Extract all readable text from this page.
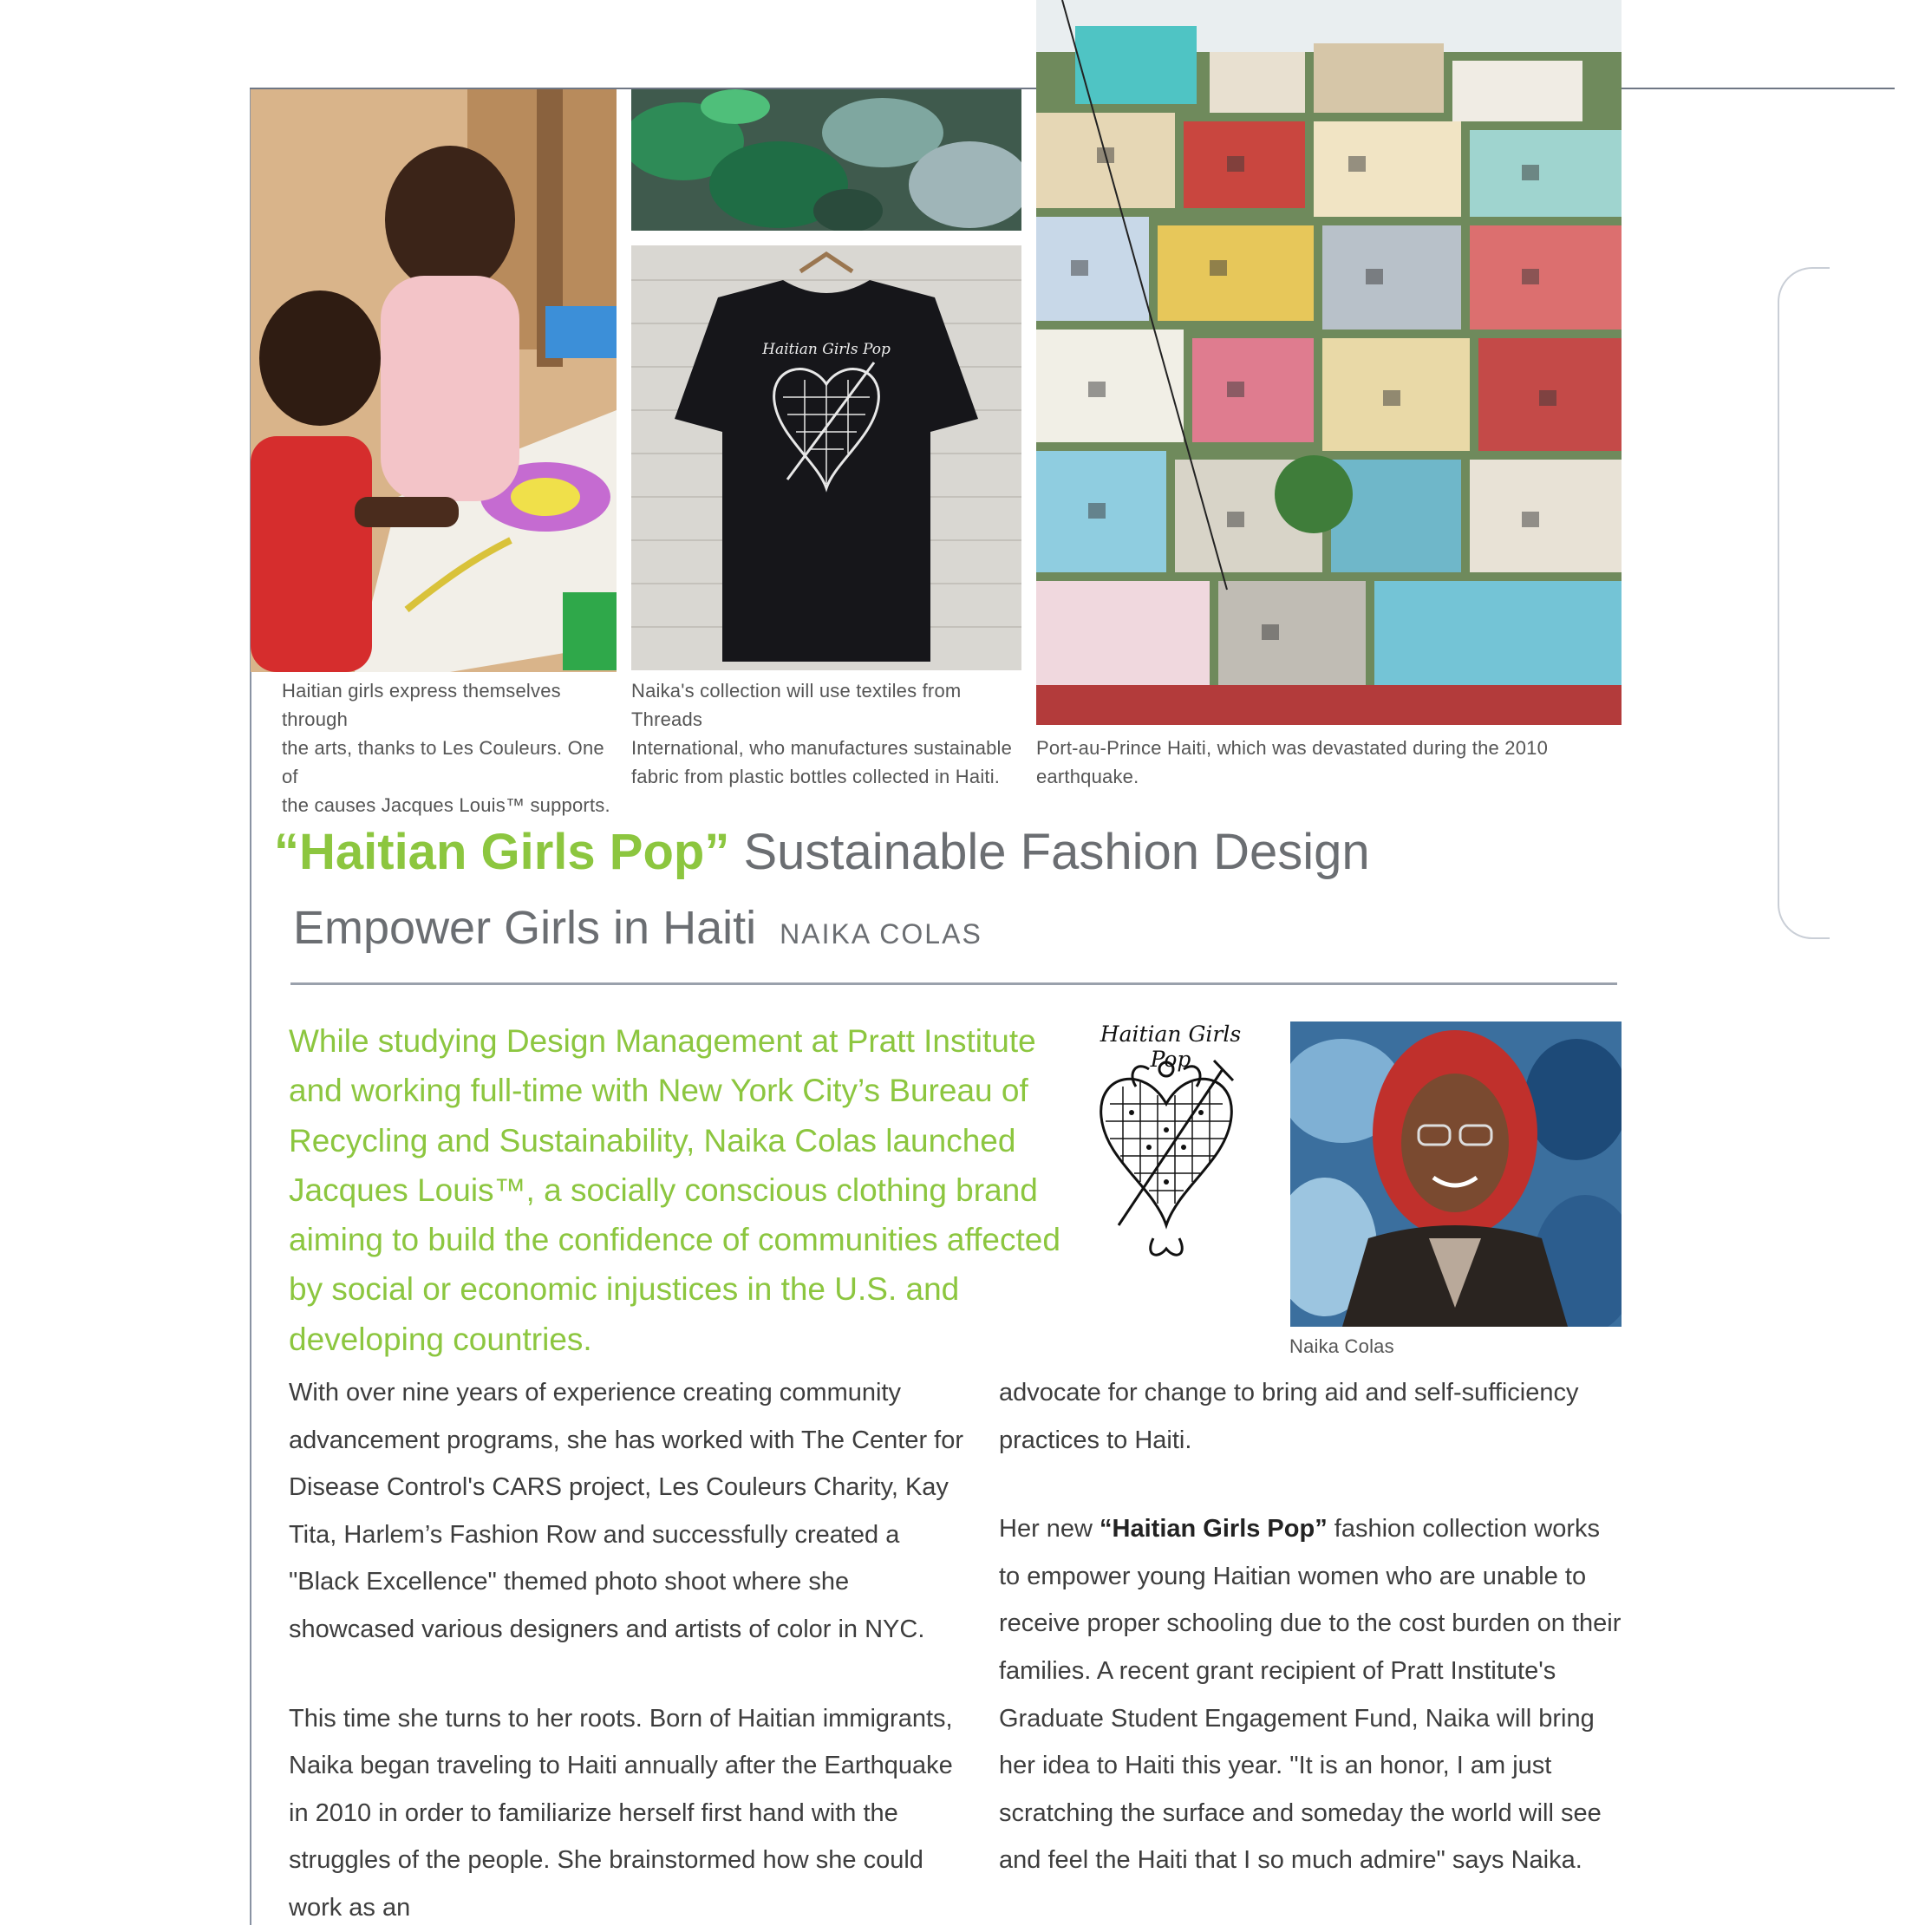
Haitian Girls Pop
Haitian girls express themselves through
the arts, thanks to Les Couleurs. One of
the causes Jacques Louis™ supports.
Naika's collection will use textiles from Threads
International, who manufactures sustainable
fabric from plastic bottles collected in Haiti.
Port-au-Prince Haiti, which was devastated during the 2010 earthquake.
“Haitian Girls Pop” Sustainable Fashion Design
Empower Girls in Haiti NAIKA COLAS
While studying Design Management at Pratt Institute and working full-time with New York City’s Bureau of Recycling and Sustainability, Naika Colas launched Jacques Louis™, a socially conscious clothing brand aiming to build the confidence of communities affected by social or economic injustices in the U.S. and developing countries.
Haitian Girls Pop
Naika Colas

With over nine years of experience creating community advancement programs, she has worked with The Center for Disease Control's CARS project, Les Couleurs Charity, Kay Tita, Harlem’s Fashion Row and successfully created a "Black Excellence" themed photo shoot where she showcased various designers and artists of color in NYC.

This time she turns to her roots. Born of Haitian immigrants, Naika began traveling to Haiti annually after the Earthquake in 2010 in order to familiarize herself first hand with the struggles of the people. She brainstormed how she could work as an

advocate for change to bring aid and self-sufficiency practices to Haiti.

Her new “Haitian Girls Pop” fashion collection works to empower young Haitian women who are unable to receive proper schooling due to the cost burden on their families. A recent grant recipient of Pratt Institute's Graduate Student Engagement Fund, Naika will bring her idea to Haiti this year. "It is an honor, I am just scratching the surface and someday the world will see and feel the Haiti that I so much admire" says Naika.
